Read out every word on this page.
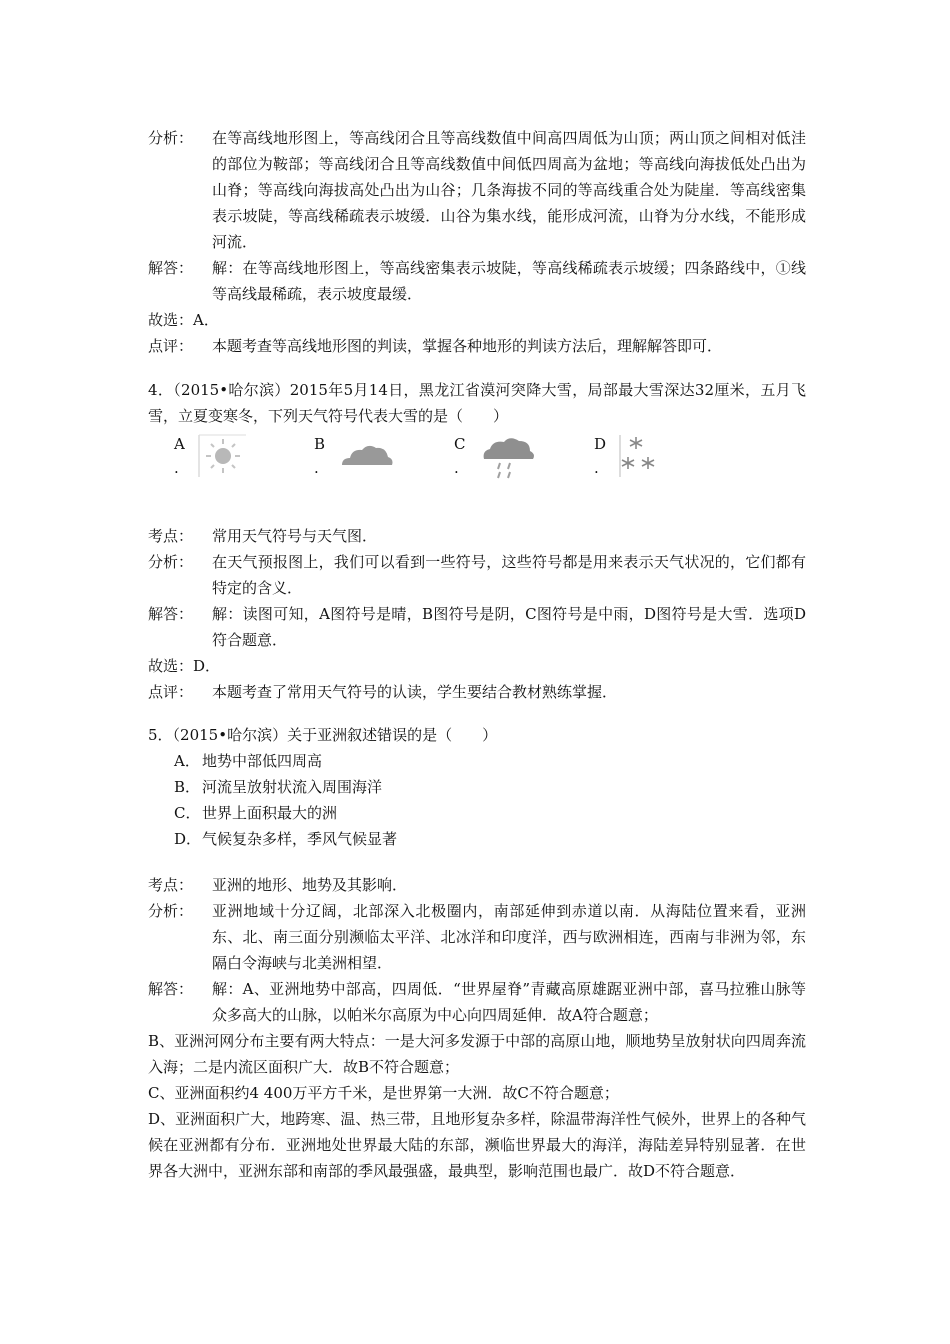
分析：	在等高线地形图上，等高线闭合且等高线数值中间高四周低为山顶；两山顶之间相对低洼的部位为鞍部；等高线闭合且等高线数值中间低四周高为盆地；等高线向海拔低处凸出为山脊；等高线向海拔高处凸出为山谷；几条海拔不同的等高线重合处为陡崖．等高线密集表示坡陡，等高线稀疏表示坡缓．山谷为集水线，能形成河流，山脊为分水线，不能形成河流．
解答：	解：在等高线地形图上，等高线密集表示坡陡，等高线稀疏表示坡缓；四条路线中，①线等高线最稀疏，表示坡度最缓．
故选：A．
点评：	本题考查等高线地形图的判读，掌握各种地形的判读方法后，理解解答即可．
4．（2015•哈尔滨）2015年5月14日，黑龙江省漠河突降大雪，局部最大雪深达32厘米，五月飞雪，立夏变寒冬，下列天气符号代表大雪的是（　　）
A
.
B
.
C
.
D
.
考点：	常用天气符号与天气图．
分析：	在天气预报图上，我们可以看到一些符号，这些符号都是用来表示天气状况的，它们都有特定的含义．
解答：	解：读图可知，A图符号是晴，B图符号是阴，C图符号是中雨，D图符号是大雪．选项D符合题意．
故选：D．
点评：	本题考查了常用天气符号的认读，学生要结合教材熟练掌握．
5．（2015•哈尔滨）关于亚洲叙述错误的是（　　）
A． 地势中部低四周高
B． 河流呈放射状流入周围海洋
C． 世界上面积最大的洲
D． 气候复杂多样，季风气候显著
考点：	亚洲的地形、地势及其影响．
分析：	亚洲地域十分辽阔，北部深入北极圈内，南部延伸到赤道以南．从海陆位置来看，亚洲东、北、南三面分别濒临太平洋、北冰洋和印度洋，西与欧洲相连，西南与非洲为邻，东隔白令海峡与北美洲相望．
解答：	解：A、亚洲地势中部高，四周低．“世界屋脊”青藏高原雄踞亚洲中部，喜马拉雅山脉等众多高大的山脉，以帕米尔高原为中心向四周延伸．故A符合题意；
B、亚洲河网分布主要有两大特点：一是大河多发源于中部的高原山地，顺地势呈放射状向四周奔流入海；二是内流区面积广大．故B不符合题意；
C、亚洲面积约4 400万平方千米，是世界第一大洲．故C不符合题意；
D、亚洲面积广大，地跨寒、温、热三带，且地形复杂多样，除温带海洋性气候外，世界上的各种气候在亚洲都有分布．亚洲地处世界最大陆的东部，濒临世界最大的海洋，海陆差异特别显著．在世界各大洲中，亚洲东部和南部的季风最强盛，最典型，影响范围也最广．故D不符合题意．
